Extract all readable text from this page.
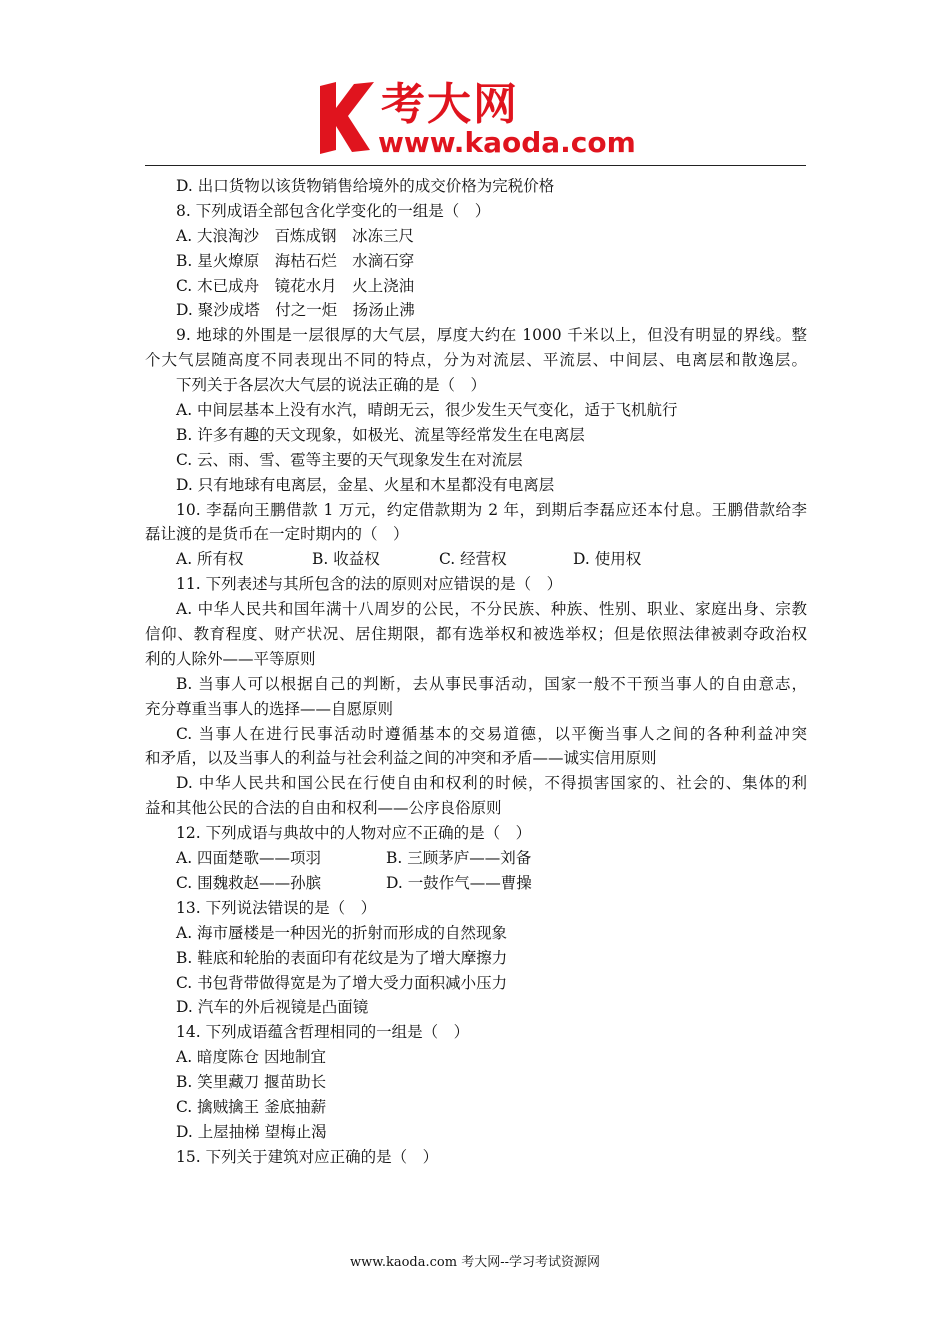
考大网
www.kaoda.com
D. 出口货物以该货物销售给境外的成交价格为完税价格
8. 下列成语全部包含化学变化的一组是（　）
A. 大浪淘沙　百炼成钢　冰冻三尺
B. 星火燎原　海枯石烂　水滴石穿
C. 木已成舟　镜花水月　火上浇油
D. 聚沙成塔　付之一炬　扬汤止沸
9. 地球的外围是一层很厚的大气层，厚度大约在 1000 千米以上，但没有明显的界线。整
个大气层随高度不同表现出不同的特点，分为对流层、平流层、中间层、电离层和散逸层。
下列关于各层次大气层的说法正确的是（　）
A. 中间层基本上没有水汽，晴朗无云，很少发生天气变化，适于飞机航行
B. 许多有趣的天文现象，如极光、流星等经常发生在电离层
C. 云、雨、雪、雹等主要的天气现象发生在对流层
D. 只有地球有电离层，金星、火星和木星都没有电离层
10. 李磊向王鹏借款 1 万元，约定借款期为 2 年，到期后李磊应还本付息。王鹏借款给李
磊让渡的是货币在一定时期内的（　）
A. 所有权	B. 收益权	C. 经营权	D. 使用权
11. 下列表述与其所包含的法的原则对应错误的是（　）
A. 中华人民共和国年满十八周岁的公民，不分民族、种族、性别、职业、家庭出身、宗教
信仰、教育程度、财产状况、居住期限，都有选举权和被选举权；但是依照法律被剥夺政治权
利的人除外——平等原则
B. 当事人可以根据自己的判断，去从事民事活动，国家一般不干预当事人的自由意志，
充分尊重当事人的选择——自愿原则
C. 当事人在进行民事活动时遵循基本的交易道德，以平衡当事人之间的各种利益冲突
和矛盾，以及当事人的利益与社会利益之间的冲突和矛盾——诚实信用原则
D. 中华人民共和国公民在行使自由和权利的时候，不得损害国家的、社会的、集体的利
益和其他公民的合法的自由和权利——公序良俗原则
12. 下列成语与典故中的人物对应不正确的是（　）
A. 四面楚歌——项羽	B. 三顾茅庐——刘备
C. 围魏救赵——孙膑	D. 一鼓作气——曹操
13. 下列说法错误的是（　）
A. 海市蜃楼是一种因光的折射而形成的自然现象
B. 鞋底和轮胎的表面印有花纹是为了增大摩擦力
C. 书包背带做得宽是为了增大受力面积减小压力
D. 汽车的外后视镜是凸面镜
14. 下列成语蕴含哲理相同的一组是（　）
A. 暗度陈仓 因地制宜
B. 笑里藏刀 揠苗助长
C. 擒贼擒王 釜底抽薪
D. 上屋抽梯 望梅止渴
15. 下列关于建筑对应正确的是（　）
www.kaoda.com 考大网--学习考试资源网
